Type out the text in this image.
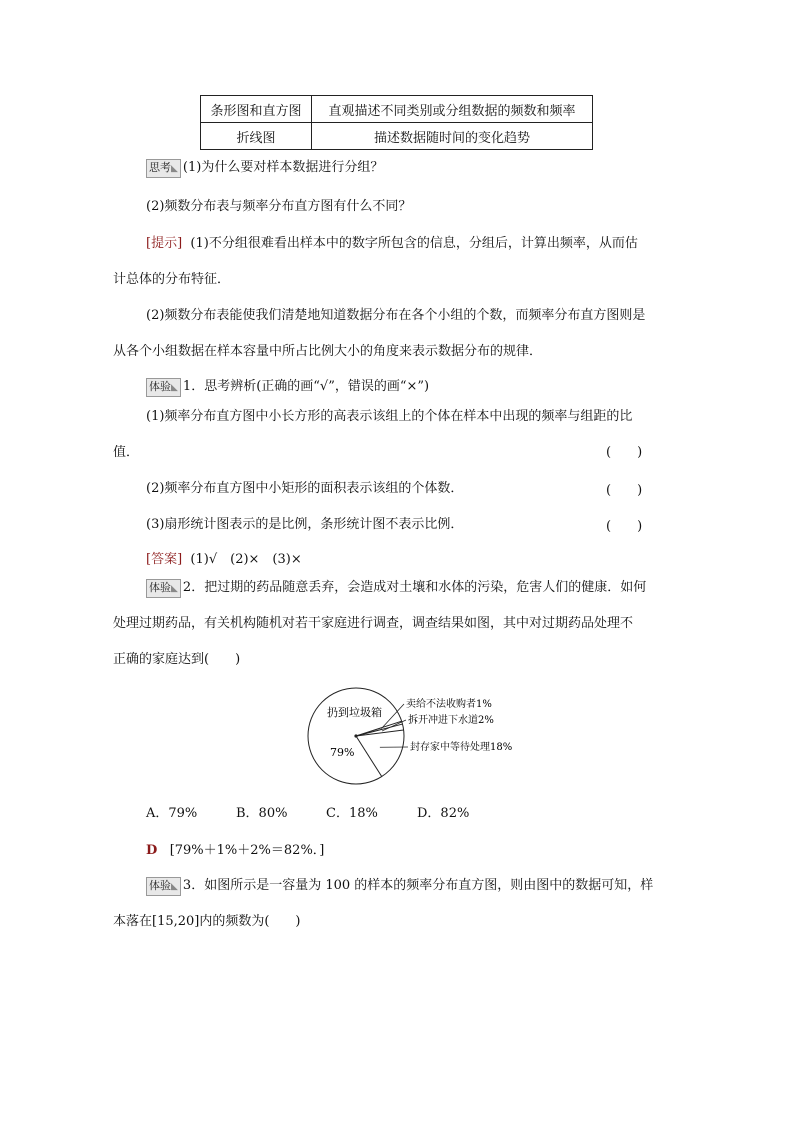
条形图和直方图	直观描述不同类别或分组数据的频数和频率
折线图	描述数据随时间的变化趋势
思考◣ (1)为什么要对样本数据进行分组？
(2)频数分布表与频率分布直方图有什么不同？
[提示] (1)不分组很难看出样本中的数字所包含的信息，分组后，计算出频率，从而估
计总体的分布特征．
(2)频数分布表能使我们清楚地知道数据分布在各个小组的个数，而频率分布直方图则是
从各个小组数据在样本容量中所占比例大小的角度来表示数据分布的规律．
体验◣ 1．思考辨析(正确的画“√”，错误的画“×”)
(1)频率分布直方图中小长方形的高表示该组上的个体在样本中出现的频率与组距的比
值．	(　　)
(2)频率分布直方图中小矩形的面积表示该组的个体数．	(　　)
(3)扇形统计图表示的是比例，条形统计图不表示比例．	(　　)
[答案] (1)√　(2)×　(3)×
体验◣ 2．把过期的药品随意丢弃，会造成对土壤和水体的污染，危害人们的健康．如何
处理过期药品，有关机构随机对若干家庭进行调查，调查结果如图，其中对过期药品处理不
正确的家庭达到(　　)
扔到垃圾箱
79%
卖给不法收购者1%
拆开冲进下水道2%
封存家中等待处理18%
A．79%	B．80%	C．18%	D．82%
D [79%＋1%＋2%＝82%．]
体验◣ 3．如图所示是一容量为 100 的样本的频率分布直方图，则由图中的数据可知，样
本落在[15,20]内的频数为(　　)
